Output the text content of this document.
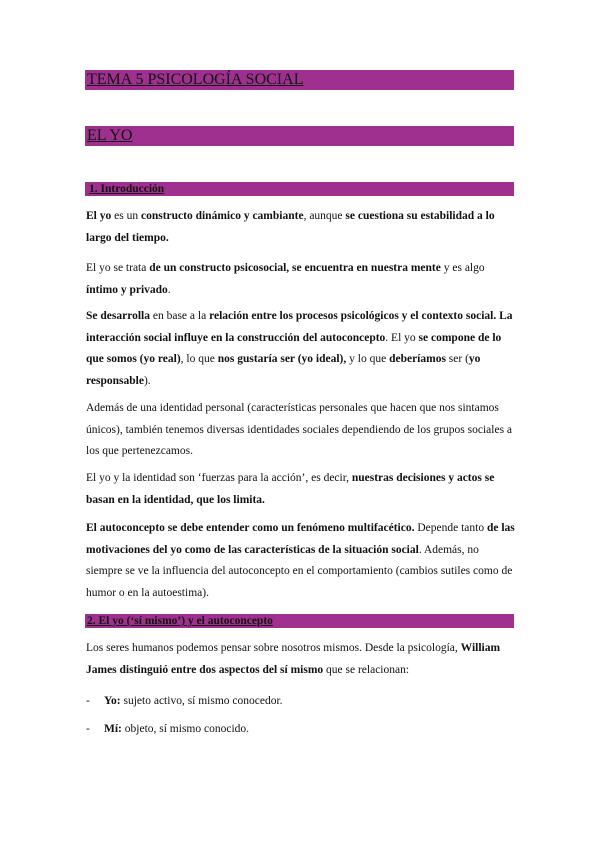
TEMA 5 PSICOLOGÍA SOCIAL
EL YO
1. Introducción

El yo es un constructo dinámico y cambiante, aunque se cuestiona su estabilidad a lo largo del tiempo.

El yo se trata de un constructo psicosocial, se encuentra en nuestra mente y es algo íntimo y privado.

Se desarrolla en base a la relación entre los procesos psicológicos y el contexto social. La interacción social influye en la construcción del autoconcepto. El yo se compone de lo que somos (yo real), lo que nos gustaría ser (yo ideal), y lo que deberíamos ser (yo responsable).

Además de una identidad personal (características personales que hacen que nos sintamos únicos), también tenemos diversas identidades sociales dependiendo de los grupos sociales a los que pertenezcamos.

El yo y la identidad son ‘fuerzas para la acción’, es decir, nuestras decisiones y actos se basan en la identidad, que los limita.

El autoconcepto se debe entender como un fenómeno multifacético. Depende tanto de las motivaciones del yo como de las características de la situación social. Además, no siempre se ve la influencia del autoconcepto en el comportamiento (cambios sutiles como de humor o en la autoestima).

2. El yo (‘sí mismo’) y el autoconcepto

Los seres humanos podemos pensar sobre nosotros mismos. Desde la psicología, William James distinguió entre dos aspectos del sí mismo que se relacionan:

- Yo: sujeto activo, sí mismo conocedor.
- Mí: objeto, sí mismo conocido.
